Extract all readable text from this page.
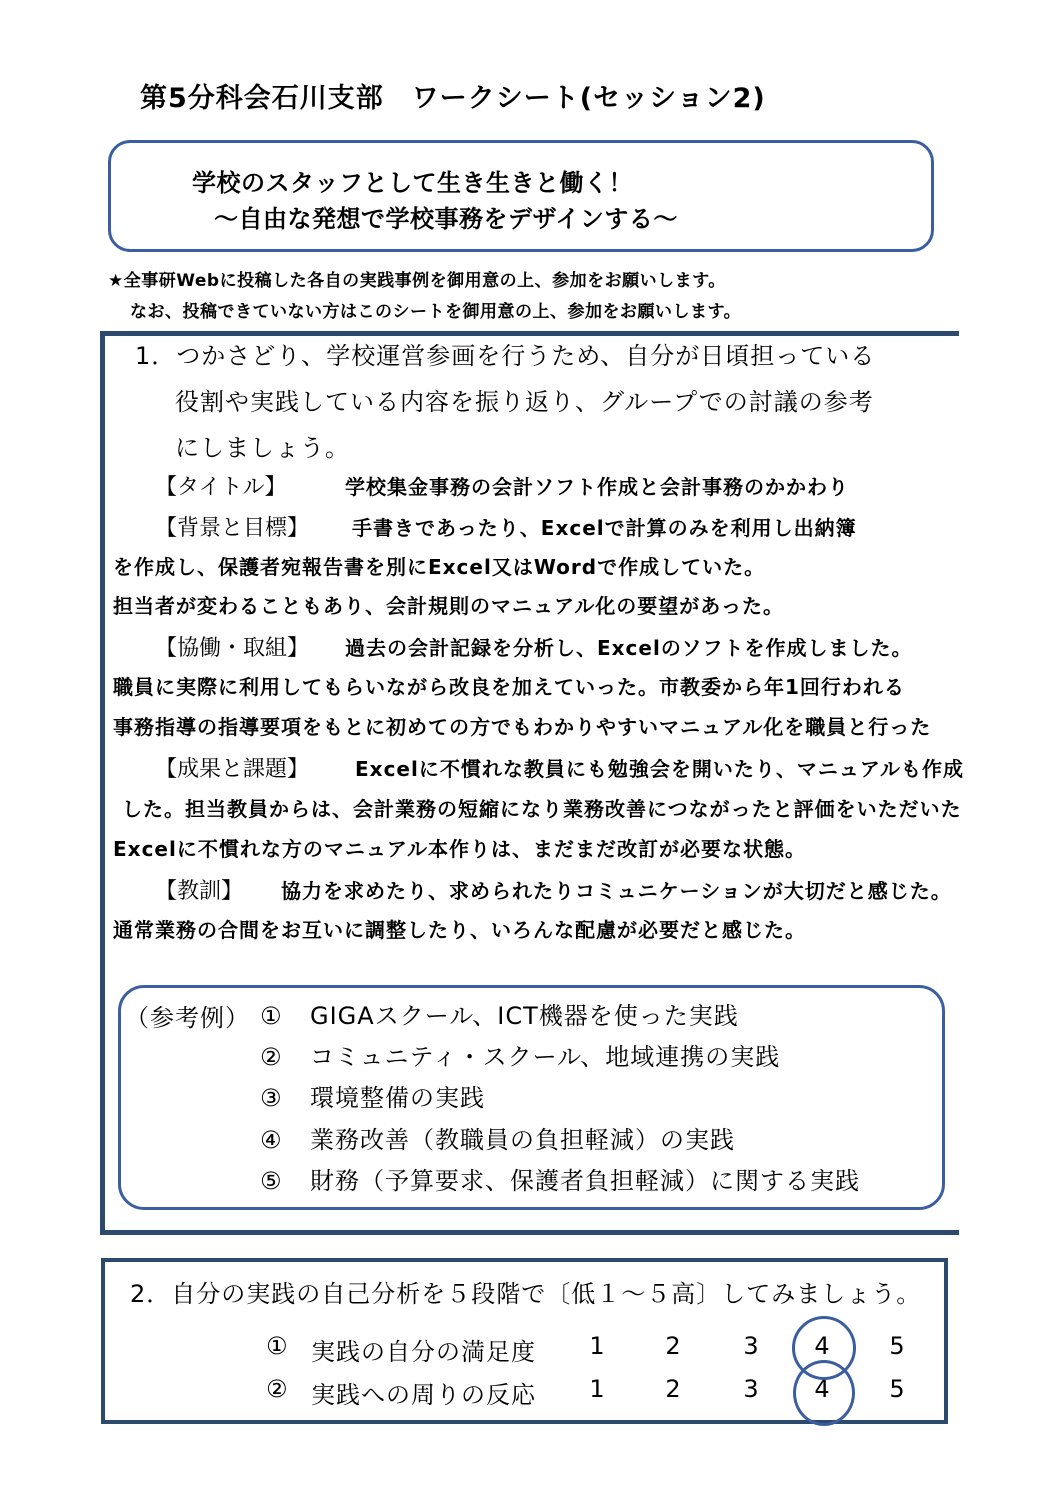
第5分科会石川支部　ワークシート(セッション2)
学校のスタッフとして生き生きと働く！
～自由な発想で学校事務をデザインする～
★全事研Webに投稿した各自の実践事例を御用意の上、参加をお願いします。
なお、投稿できていない方はこのシートを御用意の上、参加をお願いします。
1．つかさどり、学校運営参画を行うため、自分が日頃担っている
役割や実践している内容を振り返り、グループでの討議の参考
にしましょう。
【タイトル】	学校集金事務の会計ソフト作成と会計事務のかかわり
【背景と目標】 手書きであったり、Excelで計算のみを利用し出納簿
を作成し、保護者宛報告書を別にExcel又はWordで作成していた。
担当者が変わることもあり、会計規則のマニュアル化の要望があった。
【協働・取組】 過去の会計記録を分析し、Excelのソフトを作成しました。
職員に実際に利用してもらいながら改良を加えていった。市教委から年1回行われる
事務指導の指導要項をもとに初めての方でもわかりやすいマニュアル化を職員と行った
【成果と課題】 Excelに不慣れな教員にも勉強会を開いたり、マニュアルも作成
した。担当教員からは、会計業務の短縮になり業務改善につながったと評価をいただいた
Excelに不慣れな方のマニュアル本作りは、まだまだ改訂が必要な状態。
【教訓】 協力を求めたり、求められたりコミュニケーションが大切だと感じた。
通常業務の合間をお互いに調整したり、いろんな配慮が必要だと感じた。
（参考例） ① GIGAスクール、ICT機器を使った実践
② コミュニティ・スクール、地域連携の実践
③ 環境整備の実践
④ 業務改善（教職員の負担軽減）の実践
⑤ 財務（予算要求、保護者負担軽減）に関する実践
2．自分の実践の自己分析を５段階で〔低１～５高〕してみましょう。
① 実践の自分の満足度	1	2	3	4	5
② 実践への周りの反応	1	2	3	4	5
